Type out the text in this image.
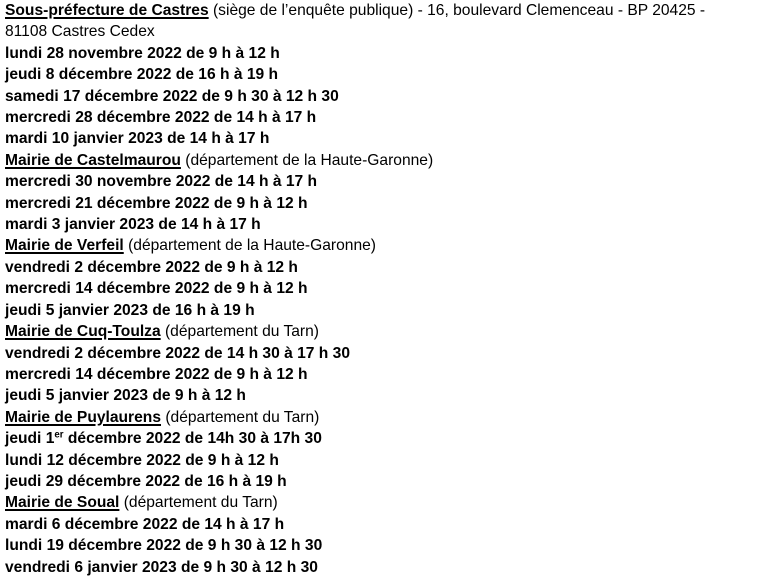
Sous-préfecture de Castres (siège de l’enquête publique) - 16, boulevard Clemenceau - BP 20425 - 81108 Castres Cedex
lundi 28 novembre 2022 de 9 h à 12 h
jeudi 8 décembre 2022 de 16 h à 19 h
samedi 17 décembre 2022 de 9 h 30 à 12 h 30
mercredi 28 décembre 2022 de 14 h à 17 h
mardi 10 janvier 2023 de 14 h à 17 h
Mairie de Castelmaurou (département de la Haute-Garonne)
mercredi 30 novembre 2022 de 14 h à 17 h
mercredi 21 décembre 2022 de 9 h à 12 h
mardi 3 janvier 2023 de 14 h à 17 h
Mairie de Verfeil (département de la Haute-Garonne)
vendredi 2 décembre 2022 de 9 h à 12 h
mercredi 14 décembre 2022 de 9 h à 12 h
jeudi 5 janvier 2023 de 16 h à 19 h
Mairie de Cuq-Toulza (département du Tarn)
vendredi 2 décembre 2022 de 14 h 30 à 17 h 30
mercredi 14 décembre 2022 de 9 h à 12 h
jeudi 5 janvier 2023 de 9 h à 12 h
Mairie de Puylaurens (département du Tarn)
jeudi 1er décembre 2022 de 14h 30 à 17h 30
lundi 12 décembre 2022 de 9 h à 12 h
jeudi 29 décembre 2022 de 16 h à 19 h
Mairie de Soual (département du Tarn)
mardi 6 décembre 2022 de 14 h à 17 h
lundi 19 décembre 2022 de 9 h 30 à 12 h 30
vendredi 6 janvier 2023 de 9 h 30 à 12 h 30
